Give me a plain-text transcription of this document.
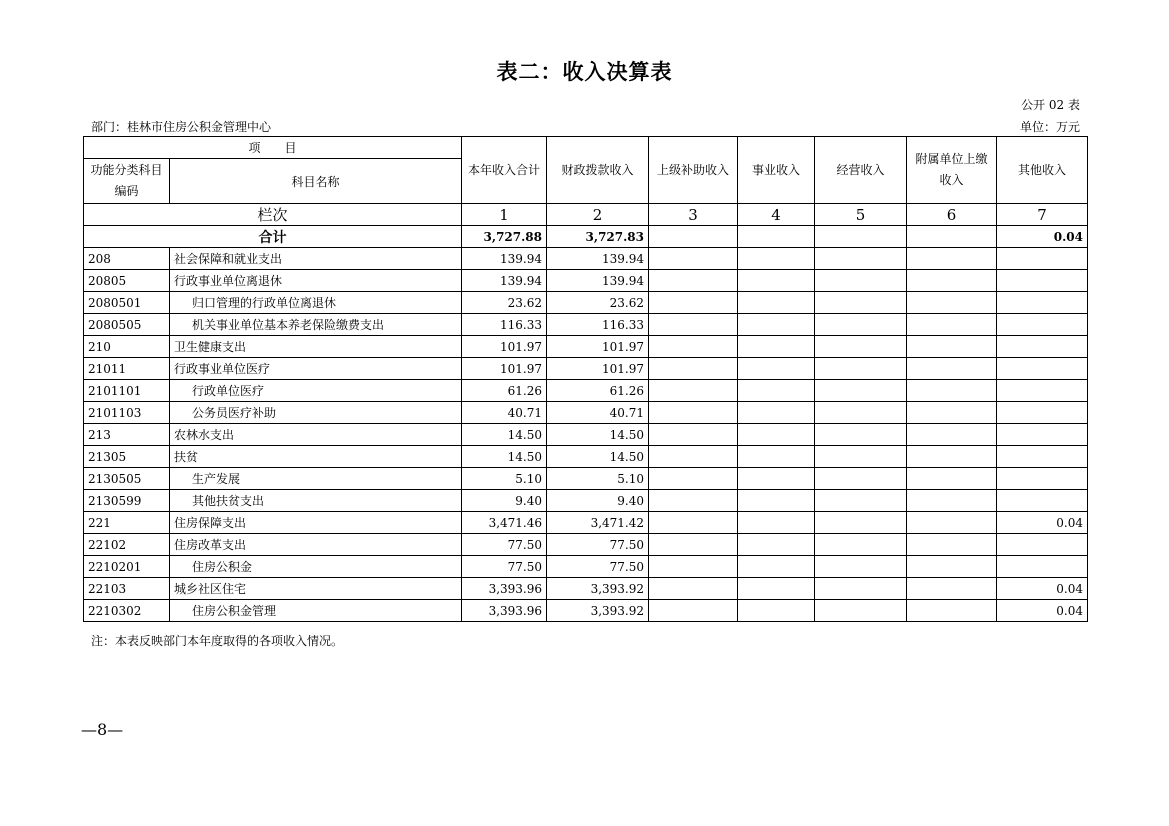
表二：收入决算表
公开 02 表
部门：桂林市住房公积金管理中心	单位：万元
项　　目		本年收入合计	财政拨款收入	上级补助收入	事业收入	经营收入	附属单位上缴收入	其他收入
功能分类科目编码	科目名称							
栏次		1	2	3	4	5	6	7
合计		3,727.88	3,727.83					0.04
208	社会保障和就业支出	139.94	139.94					
20805	行政事业单位离退休	139.94	139.94					
2080501	归口管理的行政单位离退休	23.62	23.62					
2080505	机关事业单位基本养老保险缴费支出	116.33	116.33					
210	卫生健康支出	101.97	101.97					
21011	行政事业单位医疗	101.97	101.97					
2101101	行政单位医疗	61.26	61.26					
2101103	公务员医疗补助	40.71	40.71					
213	农林水支出	14.50	14.50					
21305	扶贫	14.50	14.50					
2130505	生产发展	5.10	5.10					
2130599	其他扶贫支出	9.40	9.40					
221	住房保障支出	3,471.46	3,471.42					0.04
22102	住房改革支出	77.50	77.50					
2210201	住房公积金	77.50	77.50					
22103	城乡社区住宅	3,393.96	3,393.92					0.04
2210302	住房公积金管理	3,393.96	3,393.92					0.04
注：本表反映部门本年度取得的各项收入情况。
—8—
